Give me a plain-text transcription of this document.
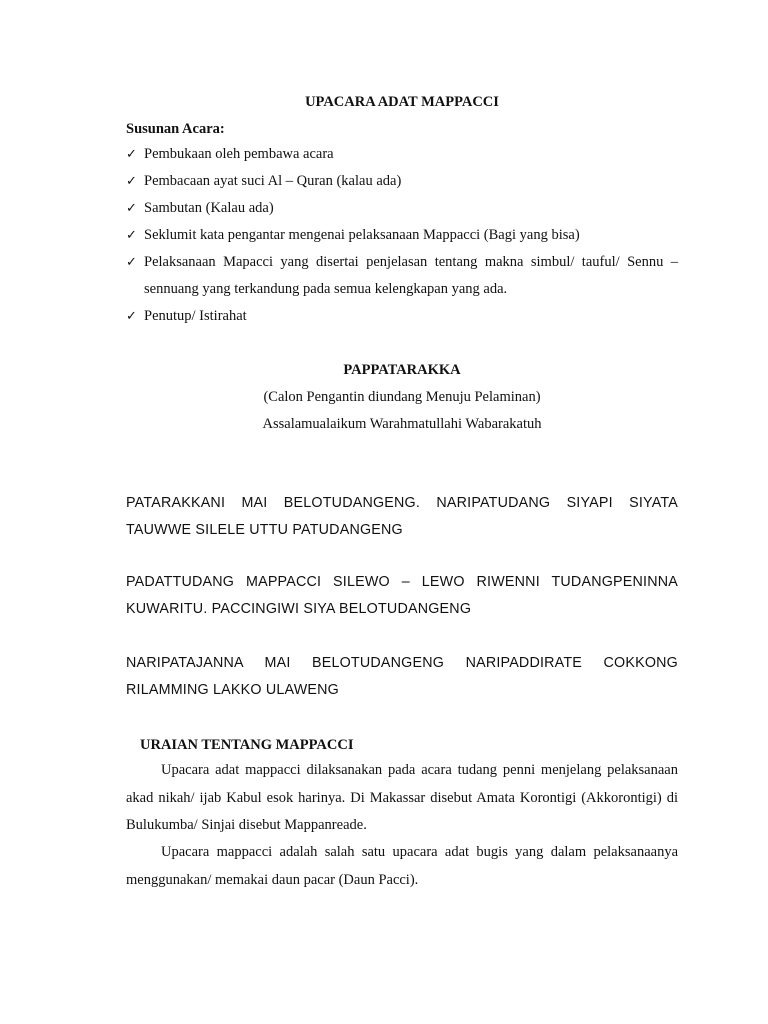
UPACARA ADAT MAPPACCI
Susunan Acara:
✓ Pembukaan oleh pembawa acara
✓ Pembacaan ayat suci Al – Quran (kalau ada)
✓ Sambutan (Kalau ada)
✓ Seklumit kata pengantar mengenai pelaksanaan Mappacci (Bagi yang bisa)
✓ Pelaksanaan Mapacci yang disertai penjelasan tentang makna simbul/ tauful/ Sennu – sennuang yang terkandung pada semua kelengkapan yang ada.
✓ Penutup/ Istirahat
PAPPATARAKKA
(Calon Pengantin diundang Menuju Pelaminan)
Assalamualaikum Warahmatullahi Wabarakatuh
PATARAKKANI MAI BELOTUDANGENG. NARIPATUDANG SIYAPI SIYATA TAUWWE SILELE UTTU PATUDANGENG
PADATTUDANG MAPPACCI SILEWO – LEWO RIWENNI TUDANGPENINNA KUWARITU. PACCINGIWI SIYA BELOTUDANGENG
NARIPATAJANNA MAI BELOTUDANGENG NARIPADDIRATE COKKONG RILAMMING LAKKO ULAWENG
URAIAN TENTANG MAPPACCI
Upacara adat mappacci dilaksanakan pada acara tudang penni menjelang pelaksanaan akad nikah/ ijab Kabul esok harinya. Di Makassar disebut Amata Korontigi (Akkorontigi) di Bulukumba/ Sinjai disebut Mappanreade.
Upacara mappacci adalah salah satu upacara adat bugis yang dalam pelaksanaanya menggunakan/ memakai daun pacar (Daun Pacci).
